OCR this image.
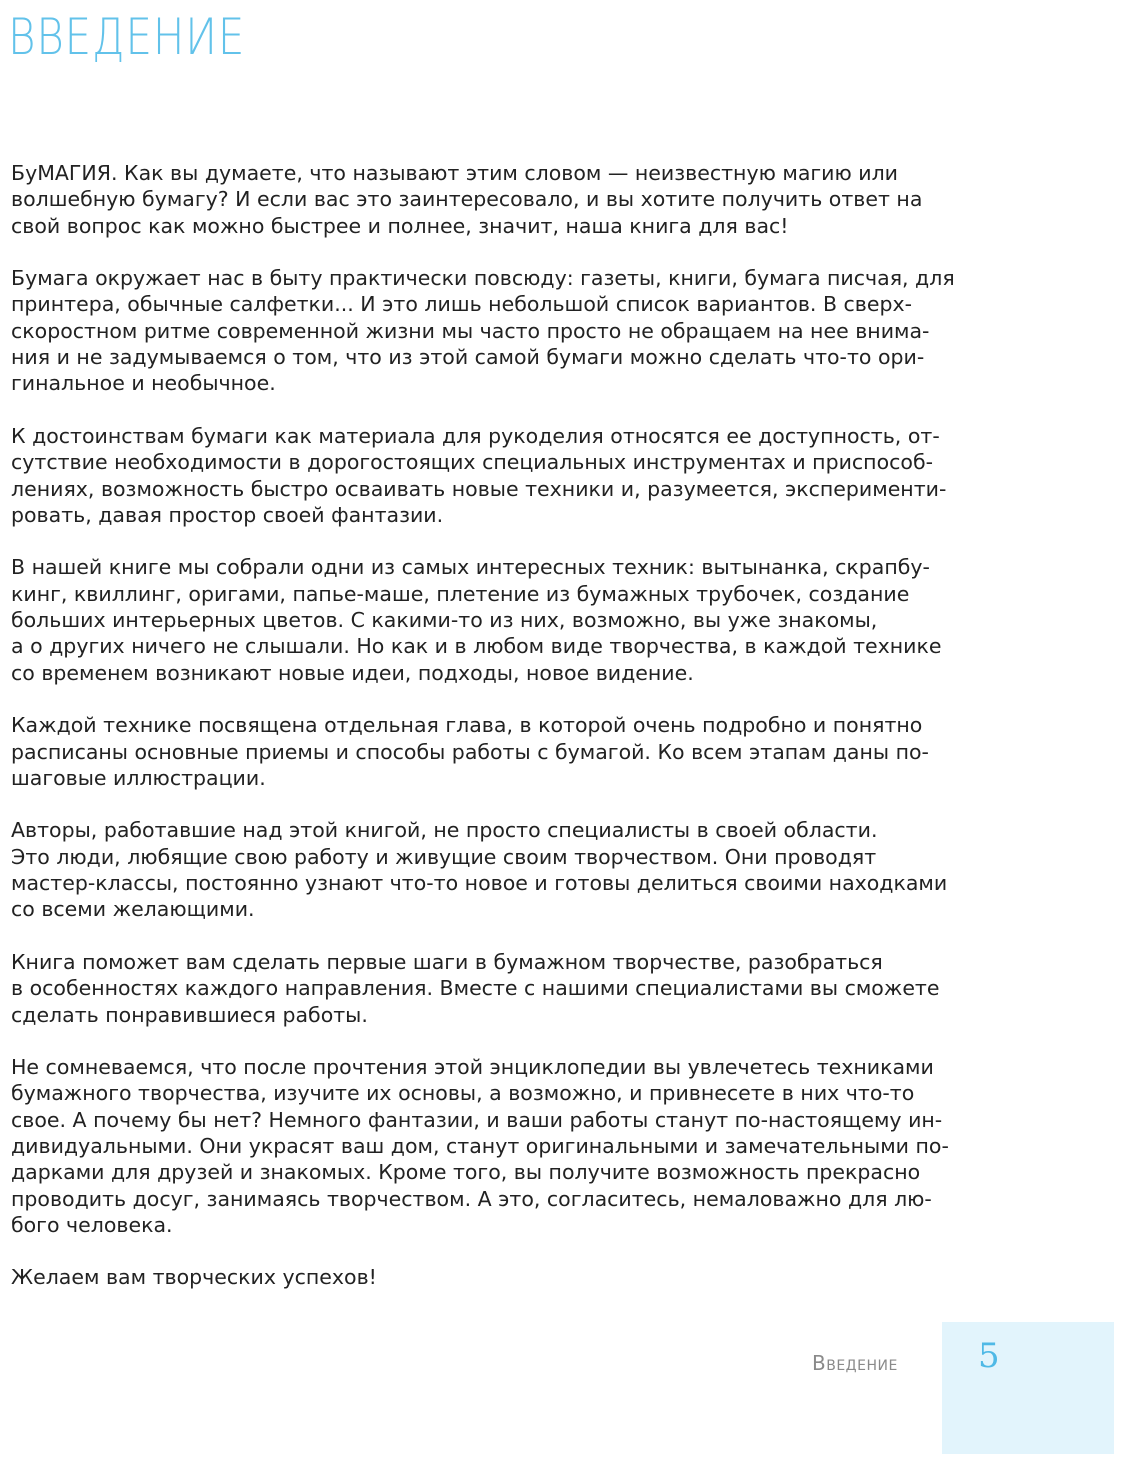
ВВЕДЕНИЕ

БуМАГИЯ. Как вы думаете, что называют этим словом — неизвестную магию или
волшебную бумагу? И если вас это заинтересовало, и вы хотите получить ответ на
свой вопрос как можно быстрее и полнее, значит, наша книга для вас!

Бумага окружает нас в быту практически повсюду: газеты, книги, бумага писчая, для
принтера, обычные салфетки... И это лишь небольшой список вариантов. В сверх-
скоростном ритме современной жизни мы часто просто не обращаем на нее внима-
ния и не задумываемся о том, что из этой самой бумаги можно сделать что-то ори-
гинальное и необычное.

К достоинствам бумаги как материала для рукоделия относятся ее доступность, от-
сутствие необходимости в дорогостоящих специальных инструментах и приспособ-
лениях, возможность быстро осваивать новые техники и, разумеется, эксперименти-
ровать, давая простор своей фантазии.

В нашей книге мы собрали одни из самых интересных техник: вытынанка, скрапбу-
кинг, квиллинг, оригами, папье-маше, плетение из бумажных трубочек, создание
больших интерьерных цветов. С какими-то из них, возможно, вы уже знакомы,
а о других ничего не слышали. Но как и в любом виде творчества, в каждой технике
со временем возникают новые идеи, подходы, новое видение.

Каждой технике посвящена отдельная глава, в которой очень подробно и понятно
расписаны основные приемы и способы работы с бумагой. Ко всем этапам даны по-
шаговые иллюстрации.

Авторы, работавшие над этой книгой, не просто специалисты в своей области.
Это люди, любящие свою работу и живущие своим творчеством. Они проводят
мастер-классы, постоянно узнают что-то новое и готовы делиться своими находками
со всеми желающими.

Книга поможет вам сделать первые шаги в бумажном творчестве, разобраться
в особенностях каждого направления. Вместе с нашими специалистами вы сможете
сделать понравившиеся работы.

Не сомневаемся, что после прочтения этой энциклопедии вы увлечетесь техниками
бумажного творчества, изучите их основы, а возможно, и привнесете в них что-то
свое. А почему бы нет? Немного фантазии, и ваши работы станут по-настоящему ин-
дивидуальными. Они украсят ваш дом, станут оригинальными и замечательными по-
дарками для друзей и знакомых. Кроме того, вы получите возможность прекрасно
проводить досуг, занимаясь творчеством. А это, согласитесь, немаловажно для лю-
бого человека.

Желаем вам творческих успехов!

Введение 5
